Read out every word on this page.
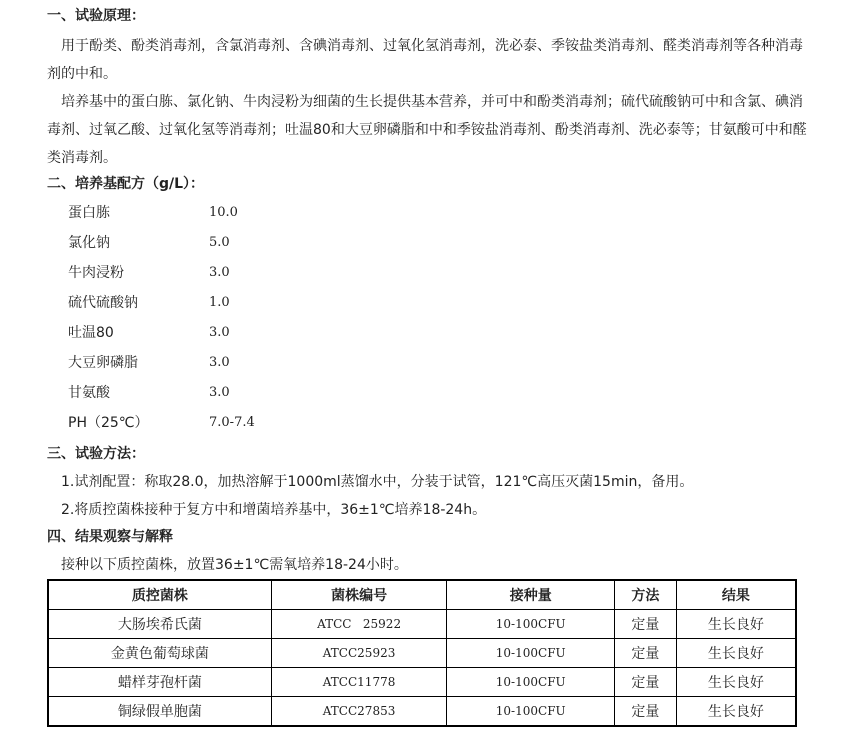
一、试验原理：
用于酚类、酚类消毒剂，含氯消毒剂、含碘消毒剂、过氧化氢消毒剂，洗必泰、季铵盐类消毒剂、醛类消毒剂等各种消毒剂的中和。
培养基中的蛋白胨、氯化钠、牛肉浸粉为细菌的生长提供基本营养，并可中和酚类消毒剂；硫代硫酸钠可中和含氯、碘消毒剂、过氧乙酸、过氧化氢等消毒剂；吐温80和大豆卵磷脂和中和季铵盐消毒剂、酚类消毒剂、洗必泰等；甘氨酸可中和醛类消毒剂。
二、培养基配方（g/L）：
蛋白胨	10.0
氯化钠	5.0
牛肉浸粉	3.0
硫代硫酸钠	1.0
吐温80	3.0
大豆卵磷脂	3.0
甘氨酸	3.0
PH（25℃）	7.0-7.4
三、试验方法：
1.试剂配置：称取28.0，加热溶解于1000ml蒸馏水中，分装于试管，121℃高压灭菌15min，备用。
2.将质控菌株接种于复方中和增菌培养基中，36±1℃培养18-24h。
四、结果观察与解释
接种以下质控菌株，放置36±1℃需氧培养18-24小时。
质控菌株	菌株编号	接种量	方法	结果
大肠埃希氏菌	ATCC   25922	10-100CFU	定量	生长良好
金黄色葡萄球菌	ATCC25923	10-100CFU	定量	生长良好
蜡样芽孢杆菌	ATCC11778	10-100CFU	定量	生长良好
铜绿假单胞菌	ATCC27853	10-100CFU	定量	生长良好
